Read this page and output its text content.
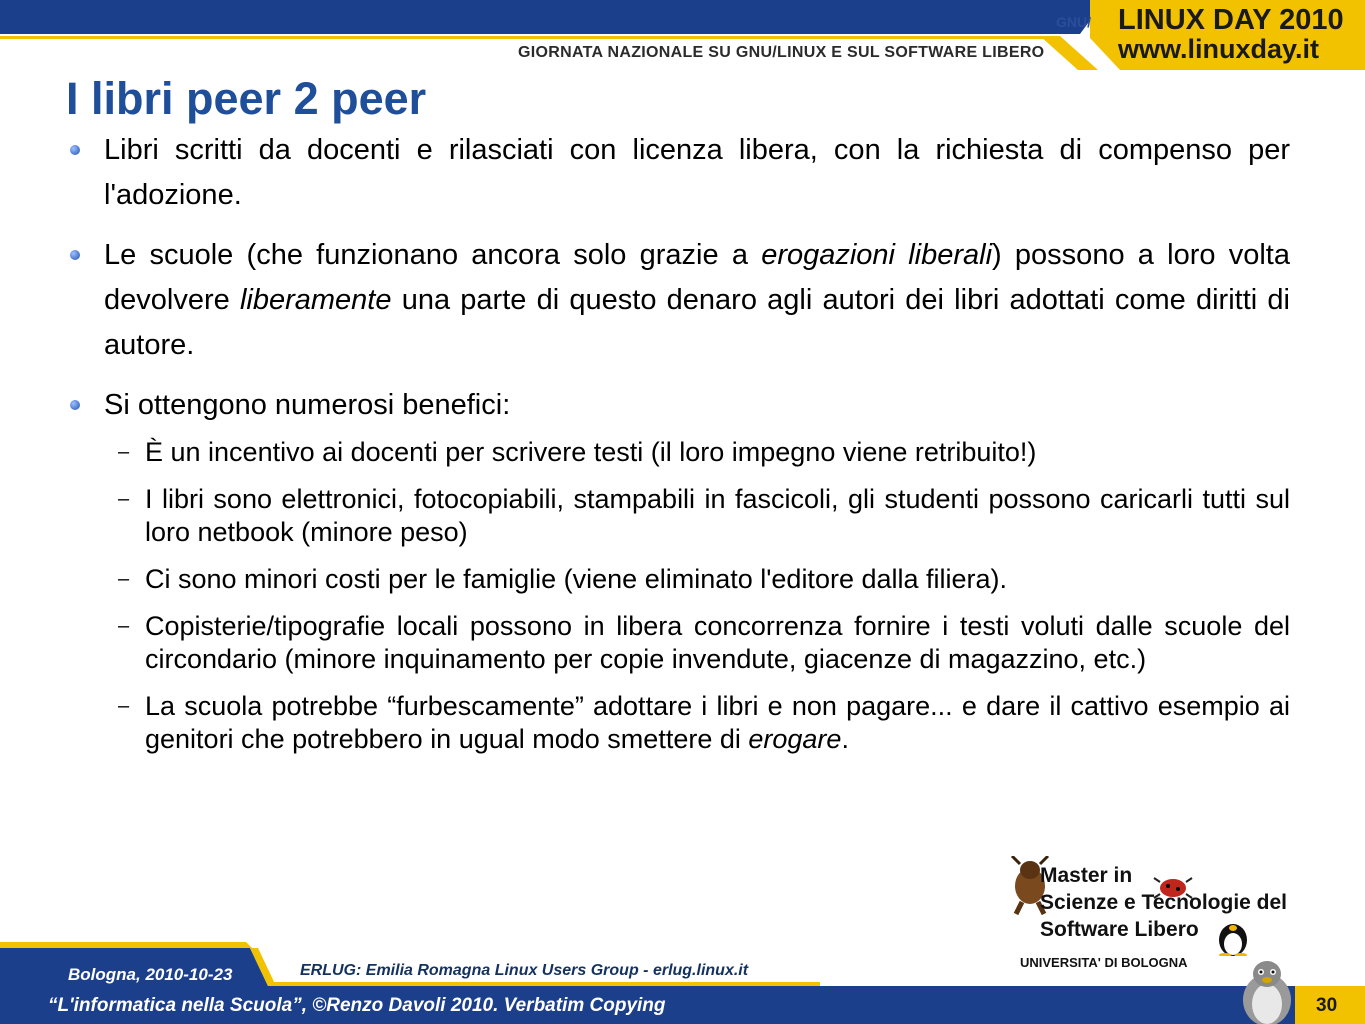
GNU/ LINUX DAY 2010
www.linuxday.it
GIORNATA NAZIONALE SU GNU/LINUX E SUL SOFTWARE LIBERO
I libri peer 2 peer

Libri scritti da docenti e rilasciati con licenza libera, con la richiesta di compenso per l'adozione.

Le scuole (che funzionano ancora solo grazie a erogazioni liberali) possono a loro volta devolvere liberamente una parte di questo denaro agli autori dei libri adottati come diritti di autore.

Si ottengono numerosi benefici:

– È un incentivo ai docenti per scrivere testi (il loro impegno viene retribuito!)

– I libri sono elettronici, fotocopiabili, stampabili in fascicoli, gli studenti possono caricarli tutti sul loro netbook (minore peso)

– Ci sono minori costi per le famiglie (viene eliminato l'editore dalla filiera).

– Copisterie/tipografie locali possono in libera concorrenza fornire i testi voluti dalle scuole del circondario (minore inquinamento per copie invendute, giacenze di magazzino, etc.)

– La scuola potrebbe “furbescamente” adottare i libri e non pagare... e dare il cattivo esempio ai genitori che potrebbero in ugual modo smettere di erogare.

Master in
Scienze e Tecnologie del
Software Libero
Bologna, 2010-10-23	ERLUG: Emilia Romagna Linux Users Group - erlug.linux.it	UNIVERSITA' DI BOLOGNA
“L'informatica nella Scuola”, ©Renzo Davoli 2010. Verbatim Copying	30
